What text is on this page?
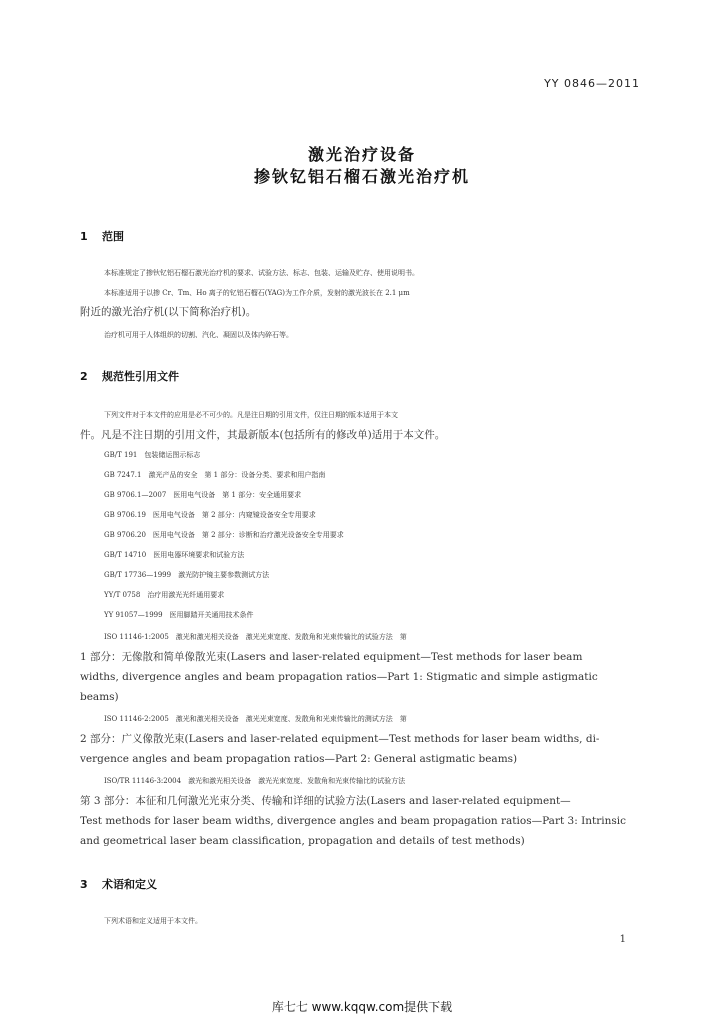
YY 0846—2011
激光治疗设备
掺钬钇铝石榴石激光治疗机
1 范围
本标准规定了掺钬钇铝石榴石激光治疗机的要求、试验方法、标志、包装、运输及贮存、使用说明书。
本标准适用于以掺 Cr、Tm、Ho 离子的钇铝石榴石(YAG)为工作介质，发射的激光波长在 2.1 μm
附近的激光治疗机(以下简称治疗机)。
治疗机可用于人体组织的切割、汽化、凝固以及体内碎石等。
2 规范性引用文件
下列文件对于本文件的应用是必不可少的。凡是注日期的引用文件，仅注日期的版本适用于本文
件。凡是不注日期的引用文件，其最新版本(包括所有的修改单)适用于本文件。
GB/T 191　包装储运图示标志
GB 7247.1　激光产品的安全　第 1 部分：设备分类、要求和用户指南
GB 9706.1—2007　医用电气设备　第 1 部分：安全通用要求
GB 9706.19　医用电气设备　第 2 部分：内窥镜设备安全专用要求
GB 9706.20　医用电气设备　第 2 部分：诊断和治疗激光设备安全专用要求
GB/T 14710　医用电器环境要求和试验方法
GB/T 17736—1999　激光防护镜主要参数测试方法
YY/T 0758　治疗用激光光纤通用要求
YY 91057—1999　医用脚踏开关通用技术条件
ISO 11146-1:2005　激光和激光相关设备　激光光束宽度、发散角和光束传输比的试验方法　第
1 部分：无像散和简单像散光束(Lasers and laser-related equipment—Test methods for laser beam
widths, divergence angles and beam propagation ratios—Part 1: Stigmatic and simple astigmatic
beams)
ISO 11146-2:2005　激光和激光相关设备　激光光束宽度、发散角和光束传输比的测试方法　第
2 部分：广义像散光束(Lasers and laser-related equipment—Test methods for laser beam widths, di-
vergence angles and beam propagation ratios—Part 2: General astigmatic beams)
ISO/TR 11146-3:2004　激光和激光相关设备　激光光束宽度、发散角和光束传输比的试验方法
第 3 部分：本征和几何激光光束分类、传输和详细的试验方法(Lasers and laser-related equipment—
Test methods for laser beam widths, divergence angles and beam propagation ratios—Part 3: Intrinsic
and geometrical laser beam classification, propagation and details of test methods)
3 术语和定义
下列术语和定义适用于本文件。
1
库七七 www.kqqw.com提供下载
